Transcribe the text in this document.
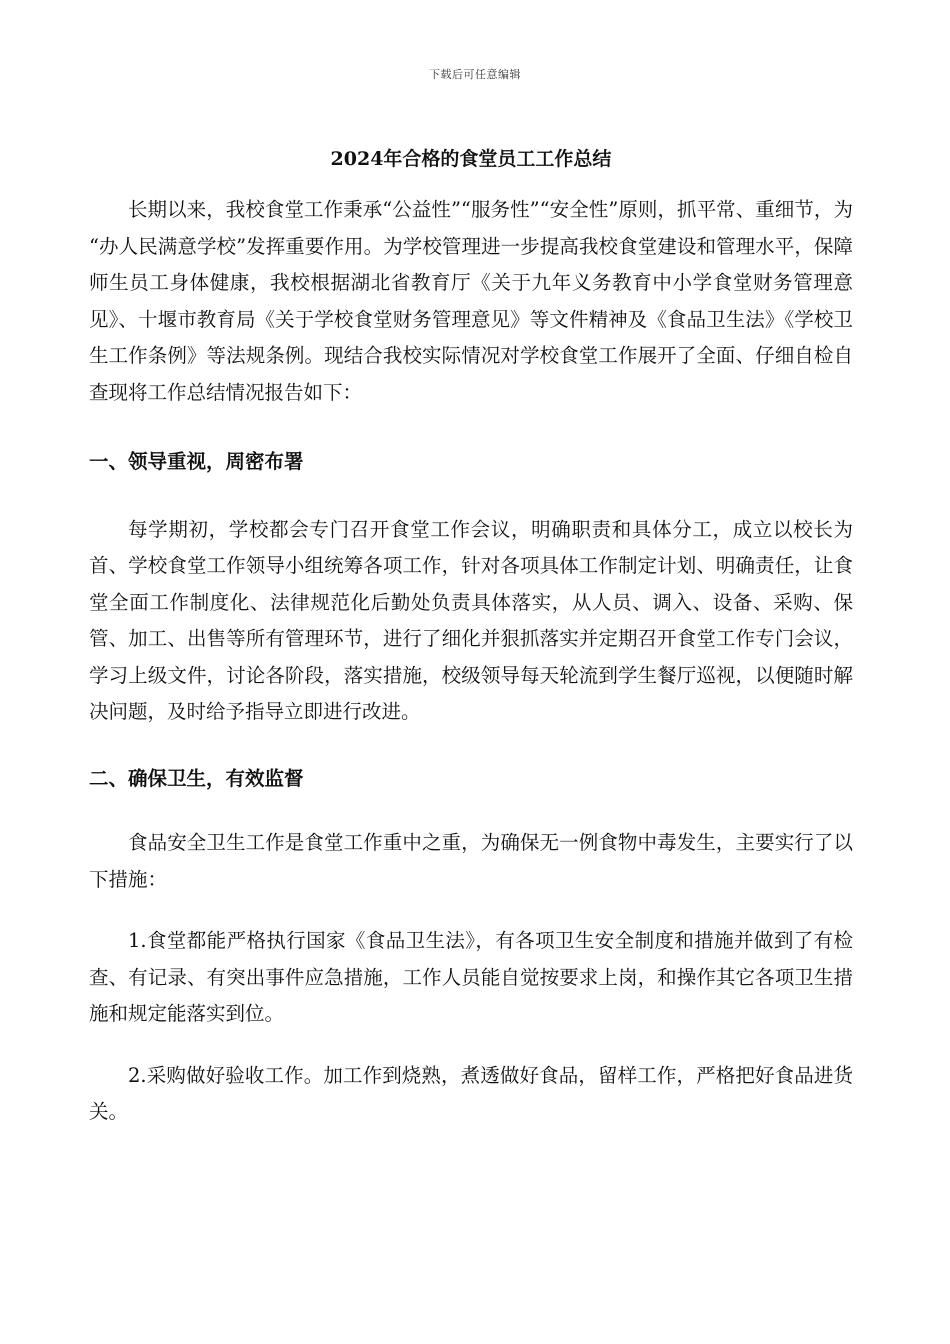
下载后可任意编辑
2024年合格的食堂员工工作总结

长期以来，我校食堂工作秉承“公益性”“服务性”“安全性”原则，抓平常、重细节，为 “办人民满意学校”发挥重要作用。为学校管理进一步提高我校食堂建设和管理水平，保障师生员工身体健康，我校根据湖北省教育厅《关于九年义务教育中小学食堂财务管理意见》、十堰市教育局《关于学校食堂财务管理意见》等文件精神及《食品卫生法》《学校卫生工作条例》等法规条例。现结合我校实际情况对学校食堂工作展开了全面、仔细自检自查现将工作总结情况报告如下：

一、领导重视，周密布署

每学期初，学校都会专门召开食堂工作会议，明确职责和具体分工，成立以校长为首、学校食堂工作领导小组统筹各项工作，针对各项具体工作制定计划、明确责任，让食堂全面工作制度化、法律规范化后勤处负责具体落实，从人员、调入、设备、采购、保管、加工、出售等所有管理环节，进行了细化并狠抓落实并定期召开食堂工作专门会议，学习上级文件，讨论各阶段，落实措施，校级领导每天轮流到学生餐厅巡视，以便随时解决问题，及时给予指导立即进行改进。

二、确保卫生，有效监督

食品安全卫生工作是食堂工作重中之重，为确保无一例食物中毒发生，主要实行了以下措施：

1.食堂都能严格执行国家《食品卫生法》，有各项卫生安全制度和措施并做到了有检查、有记录、有突出事件应急措施，工作人员能自觉按要求上岗，和操作其它各项卫生措施和规定能落实到位。

2.采购做好验收工作。加工作到烧熟，煮透做好食品，留样工作，严格把好食品进货关。
